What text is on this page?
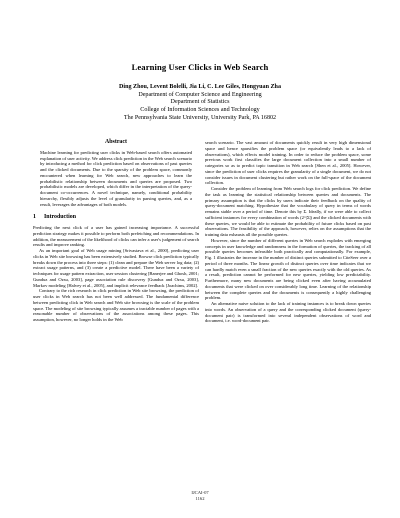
Learning User Clicks in Web Search
Ding Zhou, Levent Bolelli, Jia Li, C. Lee Giles, Hongyuan Zha
Department of Computer Science and Engineering
Department of Statistics
College of Information Sciences and Technology
The Pennsylvania State University, University Park, PA 16802
Abstract
Machine learning for predicting user clicks in Web-based search offers automated explanation of user activity. We address click prediction in the Web search scenario by introducing a method for click prediction based on observations of past queries and the clicked documents. Due to the sparsity of the problem space, commonly encountered when learning for Web search, new approaches to learn the probabilistic relationship between documents and queries are proposed. Two probabilistic models are developed, which differ in the interpretation of the query-document co-occurrences. A novel technique, namely, conditional probability hierarchy, flexibly adjusts the level of granularity in parsing queries, and, as a result, leverages the advantages of both models.
1 Introduction

Predicting the next click of a user has gained increasing importance. A successful prediction strategy makes it possible to perform both prefetching and recommendations. In addition, the measurement of the likelihood of clicks can infer a user's judgement of search results and improve ranking.

As an important goal of Web usage mining [Srivastava et al., 2000], predicting user clicks in Web site browsing has been extensively studied. Browse click prediction typically breaks down the process into three steps: (1) clean and prepare the Web server log data; (2) extract usage patterns, and (3) create a predictive model. There have been a variety of techniques for usage pattern extraction, user session clustering [Banerjee and Ghosh, 2001; Gunduz and Ozsu, 2003], page association rule discovery [Gunduz and Ozsu, 2003], Markov modeling [Halvey et al., 2005], and implicit relevance feedback [Joachims, 2002].

Contrary to the rich research in click prediction in Web site browsing, the prediction of user clicks in Web search has not been well addressed. The fundamental difference between predicting click in Web search and Web site browsing is the scale of the problem space. The modeling of site browsing typically assumes a tractable number of pages with a reasonable number of observations of the associations among these pages. This assumption, however, no longer holds in the Web

search scenario. The vast amount of documents quickly result in very high dimensional space and hence sparsifies the problem space (or equivalently leads to a lack of observations), which effects model training. In order to reduce the problem space, some previous work first classifies the large document collection into a small number of categories so as to predict topic transition in Web search [Shen et al., 2005]. However, since the prediction of user clicks requires the granularity of a single document, we do not consider issues in document clustering but rather work on the full-space of the document collection.

Consider the problem of learning from Web search logs for click prediction. We define the task as learning the statistical relationship between queries and documents. The primary assumption is that the clicks by users indicate their feedback on the quality of query-document matching. Hypothesize that the vocabulary of query in terms of words remains stable over a period of time. Denote this by Σ. Ideally, if we were able to collect sufficient instances for every combination of words (2^|Σ|) and the clicked documents with these queries, we would be able to estimate the probability of future clicks based on past observations. The feasibility of the approach, however, relies on the assumptions that the training data exhausts all the possible queries.

However, since the number of different queries in Web search explodes with emerging concepts in user knowledge and randomness in the formation of queries, the tracking of all possible queries becomes infeasible both practically and computationally. For example, Fig. 1 illustrates the increase in the number of distinct queries submitted to CiteSeer over a period of three months. The linear growth of distinct queries over time indicates that we can hardly match even a small fraction of the new queries exactly with the old queries. As a result, prediction cannot be performed for new queries, yielding low predictability. Furthermore, many new documents are being clicked even after having accumulated documents that were clicked on over considerably long time. Learning of the relationship between the complete queries and the documents is consequently a highly challenging problem.

An alternative naive solution to the lack of training instances is to break down queries into words. An observation of a query and the corresponding clicked document (query-document pair) is transformed into several independent observations of word and document, i.e. word-document pair.

IJCAI-07
1162
